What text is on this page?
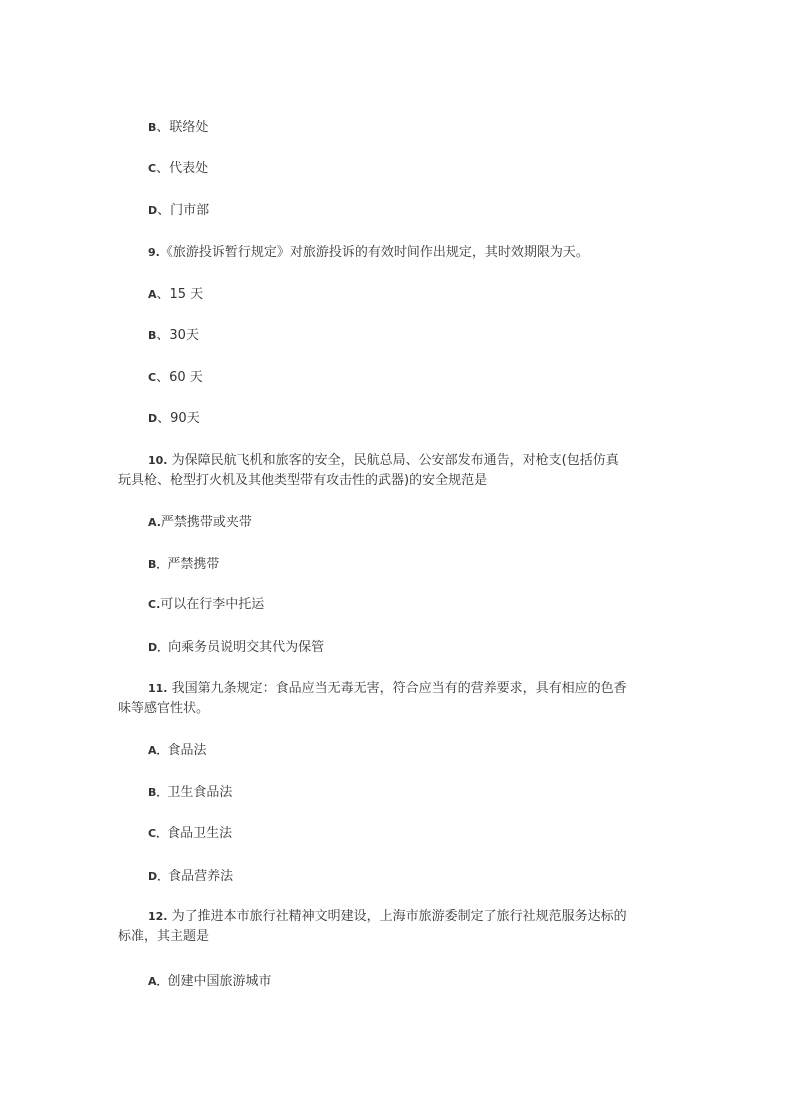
B、联络处
C、代表处
D、门市部
9.《旅游投诉暂行规定》对旅游投诉的有效时间作出规定，其时效期限为天。
A、15 天
B、30天
C、60 天
D、90天
10. 为保障民航飞机和旅客的安全，民航总局、公安部发布通告，对枪支(包括仿真
玩具枪、枪型打火机及其他类型带有攻击性的武器)的安全规范是
A.严禁携带或夹带
B．严禁携带
C.可以在行李中托运
D．向乘务员说明交其代为保管
11. 我国第九条规定：食品应当无毒无害，符合应当有的营养要求，具有相应的色香
味等感官性状。
A．食品法
B．卫生食品法
C．食品卫生法
D．食品营养法
12. 为了推进本市旅行社精神文明建设，上海市旅游委制定了旅行社规范服务达标的
标准，其主题是
A．创建中国旅游城市
